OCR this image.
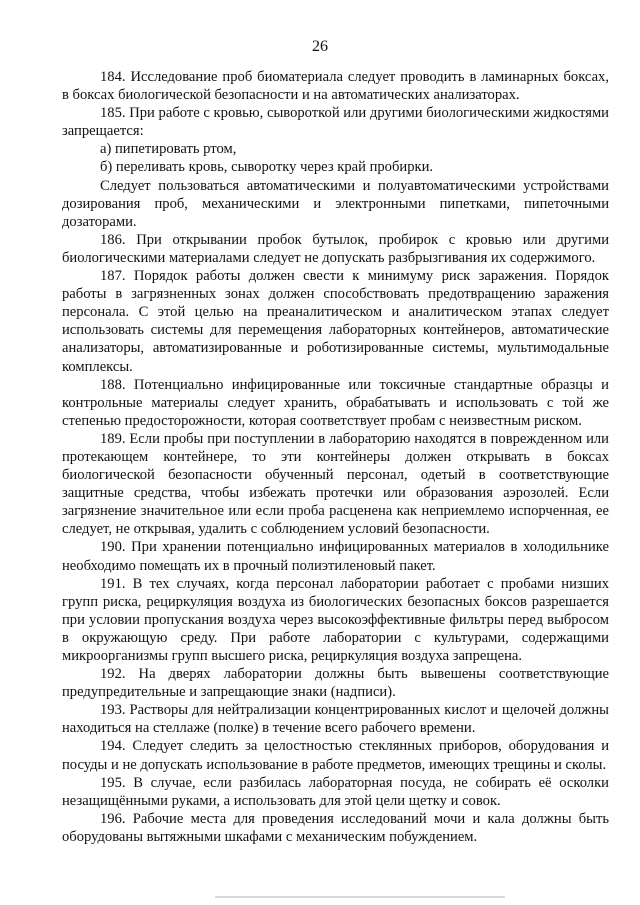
26

184. Исследование проб биоматериала следует проводить в ламинарных боксах, в боксах биологической безопасности и на автоматических анализаторах.

185. При работе с кровью, сывороткой или другими биологическими жидкостями запрещается:

а) пипетировать ртом,

б) переливать кровь, сыворотку через край пробирки.

Следует пользоваться автоматическими и полуавтоматическими устройствами дозирования проб, механическими и электронными пипетками, пипеточными дозаторами.

186. При открывании пробок бутылок, пробирок с кровью или другими биологическими материалами следует не допускать разбрызгивания их содержимого.

187. Порядок работы должен свести к минимуму риск заражения. Порядок работы в загрязненных зонах должен способствовать предотвращению заражения персонала. С этой целью на преаналитическом и аналитическом этапах следует использовать системы для перемещения лабораторных контейнеров, автоматические анализаторы, автоматизированные и роботизированные системы, мультимодальные комплексы.

188. Потенциально инфицированные или токсичные стандартные образцы и контрольные материалы следует хранить, обрабатывать и использовать с той же степенью предосторожности, которая соответствует пробам с неизвестным риском.

189. Если пробы при поступлении в лабораторию находятся в поврежденном или протекающем контейнере, то эти контейнеры должен открывать в боксах биологической безопасности обученный персонал, одетый в соответствующие защитные средства, чтобы избежать протечки или образования аэрозолей. Если загрязнение значительное или если проба расценена как неприемлемо испорченная, ее следует, не открывая, удалить с соблюдением условий безопасности.

190. При хранении потенциально инфицированных материалов в холодильнике необходимо помещать их в прочный полиэтиленовый пакет.

191. В тех случаях, когда персонал лаборатории работает с пробами низших групп риска, рециркуляция воздуха из биологических безопасных боксов разрешается при условии пропускания воздуха через высокоэффективные фильтры перед выбросом в окружающую среду. При работе лаборатории с культурами, содержащими микроорганизмы групп высшего риска, рециркуляция воздуха запрещена.

192. На дверях лаборатории должны быть вывешены соответствующие предупредительные и запрещающие знаки (надписи).

193. Растворы для нейтрализации концентрированных кислот и щелочей должны находиться на стеллаже (полке) в течение всего рабочего времени.

194. Следует следить за целостностью стеклянных приборов, оборудования и посуды и не допускать использование в работе предметов, имеющих трещины и сколы.

195. В случае, если разбилась лабораторная посуда, не собирать её осколки незащищёнными руками, а использовать для этой цели щетку и совок.

196. Рабочие места для проведения исследований мочи и кала должны быть оборудованы вытяжными шкафами с механическим побуждением.
